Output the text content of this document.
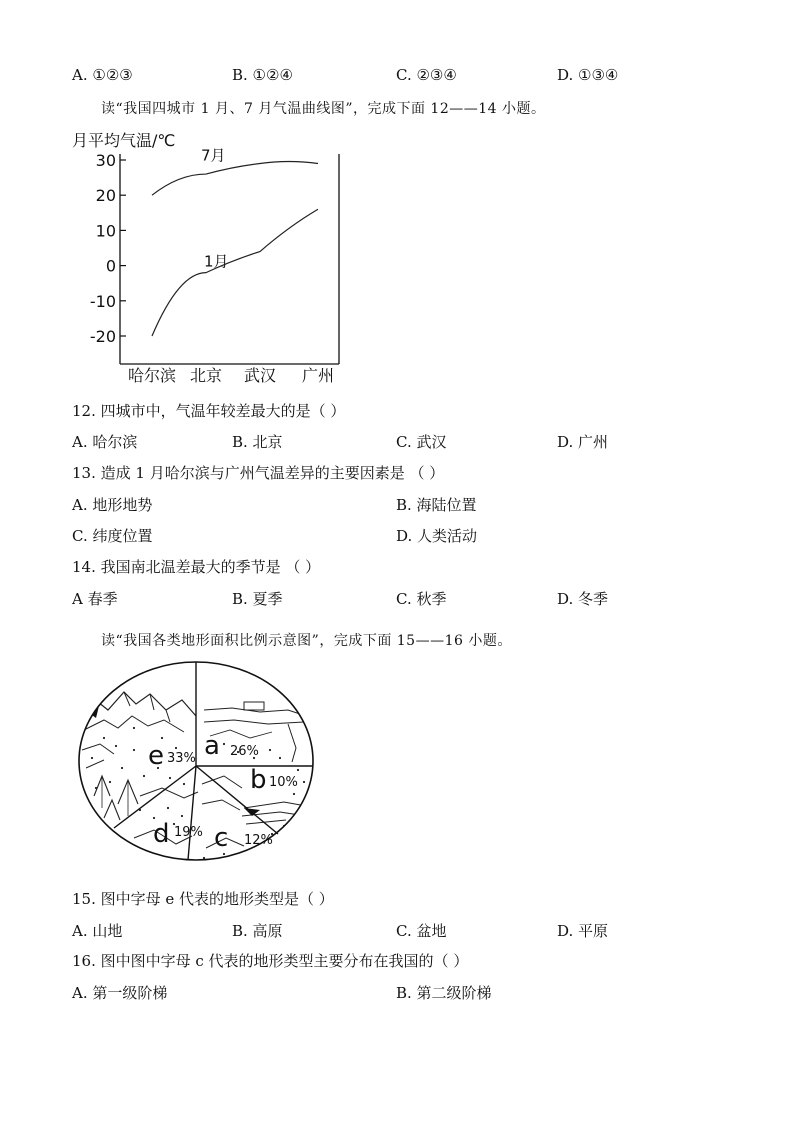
A. ①②③	B. ①②④	C. ②③④	D. ①③④
读“我国四城市 1 月、7 月气温曲线图”，完成下面 12——14 小题。
月平均气温/℃
30
20
10
0
-10
-20
哈尔滨 北京 武汉 广州
7月
1月
12. 四城市中，气温年较差最大的是（ ）
A. 哈尔滨	B. 北京	C. 武汉	D. 广州
13. 造成 1 月哈尔滨与广州气温差异的主要因素是 （ ）
A. 地形地势	B. 海陆位置
C. 纬度位置	D. 人类活动
14. 我国南北温差最大的季节是 （ ）
A 春季	B. 夏季	C. 秋季	D. 冬季
读“我国各类地形面积比例示意图”，完成下面 15——16 小题。
a 26%
b 10%
c 12%
d 19%
e 33%
15. 图中字母 e 代表的地形类型是（ ）
A. 山地	B. 高原	C. 盆地	D. 平原
16. 图中图中字母 c 代表的地形类型主要分布在我国的（ ）
A. 第一级阶梯	B. 第二级阶梯
